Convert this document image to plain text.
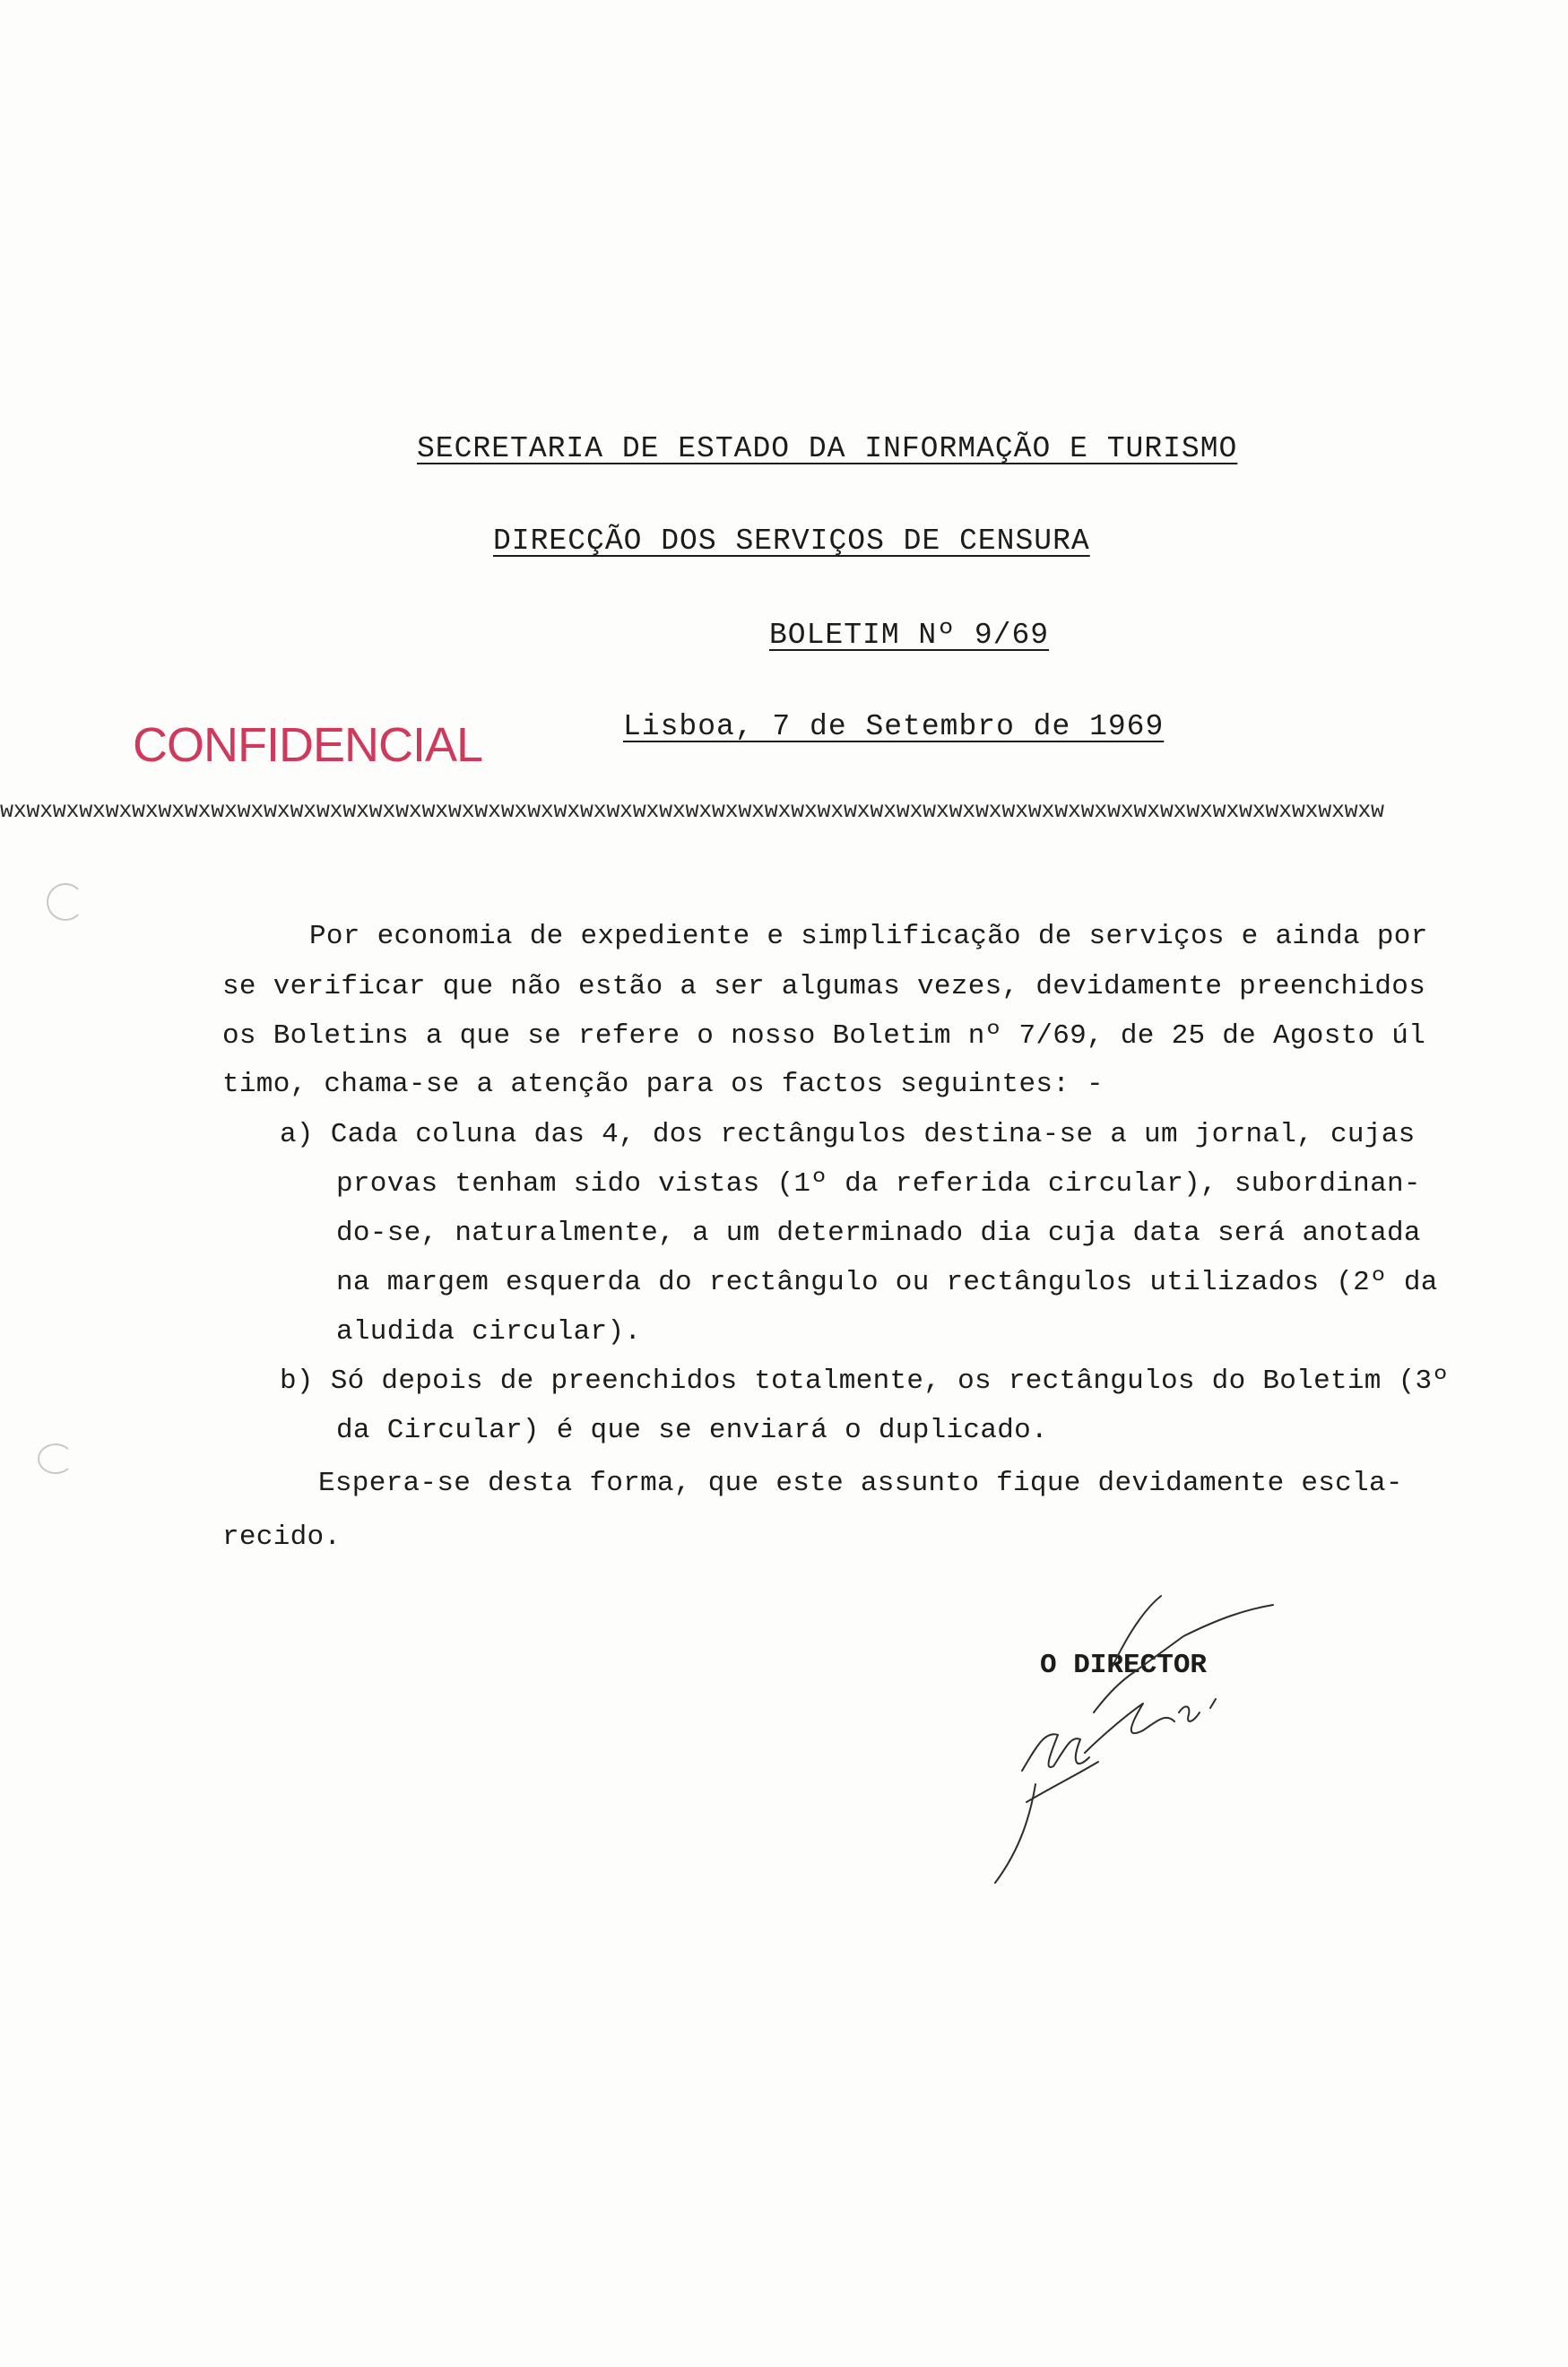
SECRETARIA DE ESTADO DA INFORMAÇÃO E TURISMO
DIRECÇÃO DOS SERVIÇOS DE CENSURA
BOLETIM Nº 9/69
CONFIDENCIAL	Lisboa, 7 de Setembro de 1969
wxwxwxwxwxwxwxwxwxwxwxwxwxwxwxwxwxwxwxwxwxwxwxwxwxwxwxwxwxwxwxwxwxwxwxwxwxwxwxwxwxwxwxwxwxwxwxwxwxwxwxwxw
Por economia de expediente e simplificação de serviços e ainda por
se verificar que não estão a ser algumas vezes, devidamente preenchidos
os Boletins a que se refere o nosso Boletim nº 7/69, de 25 de Agosto úl
timo, chama-se a atenção para os factos seguintes: -
a) Cada coluna das 4, dos rectângulos destina-se a um jornal, cujas
provas tenham sido vistas (1º da referida circular), subordinan-
do-se, naturalmente, a um determinado dia cuja data será anotada
na margem esquerda do rectângulo ou rectângulos utilizados (2º da
aludida circular).
b) Só depois de preenchidos totalmente, os rectângulos do Boletim (3º
da Circular) é que se enviará o duplicado.
Espera-se desta forma, que este assunto fique devidamente escla-
recido.
O DIRECTOR
